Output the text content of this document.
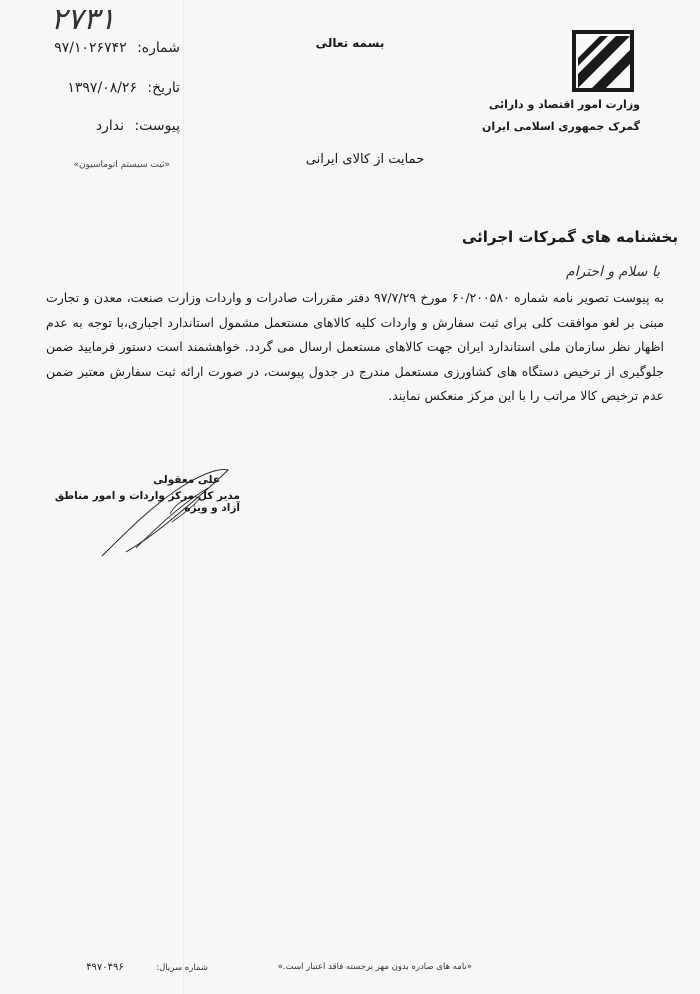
۲۷۳۱
شماره: ۹۷/۱۰۲۶۷۴۲
تاریخ: ۱۳۹۷/۰۸/۲۶
پیوست: ندارد
«ثبت سیستم اتوماسیون»
بسمه تعالی
وزارت امور اقتصاد و دارائی
گمرک جمهوری اسلامی ایران
حمایت از کالای ایرانی
بخشنامه های گمرکات اجرائی
با سلام و احترام
به پیوست تصویر نامه شماره ۶۰/۲۰۰۵۸۰ مورخ ۹۷/۷/۲۹ دفتر مقررات صادرات و واردات وزارت صنعت، معدن و تجارت مبنی بر لغو موافقت کلی برای ثبت سفارش و واردات کلیه کالاهای مستعمل مشمول استاندارد اجباری،با توجه به عدم اظهار نظر سازمان ملی استاندارد ایران جهت کالاهای مستعمل ارسال می گردد. خواهشمند است دستور فرمایید ضمن جلوگیری از ترخیص دستگاه های کشاورزی مستعمل مندرج در جدول پیوست، در صورت ارائه ثبت سفارش معتبر ضمن عدم ترخیص کالا مراتب را با این مرکز منعکس نمایند.
علی معقولی
مدیر کل مرکز واردات و امور مناطق آزاد و ویژه
«نامه های صادره بدون مهر برجسته فاقد اعتبار است.»
شماره سریال:
۴۹۷۰۴۹۶
